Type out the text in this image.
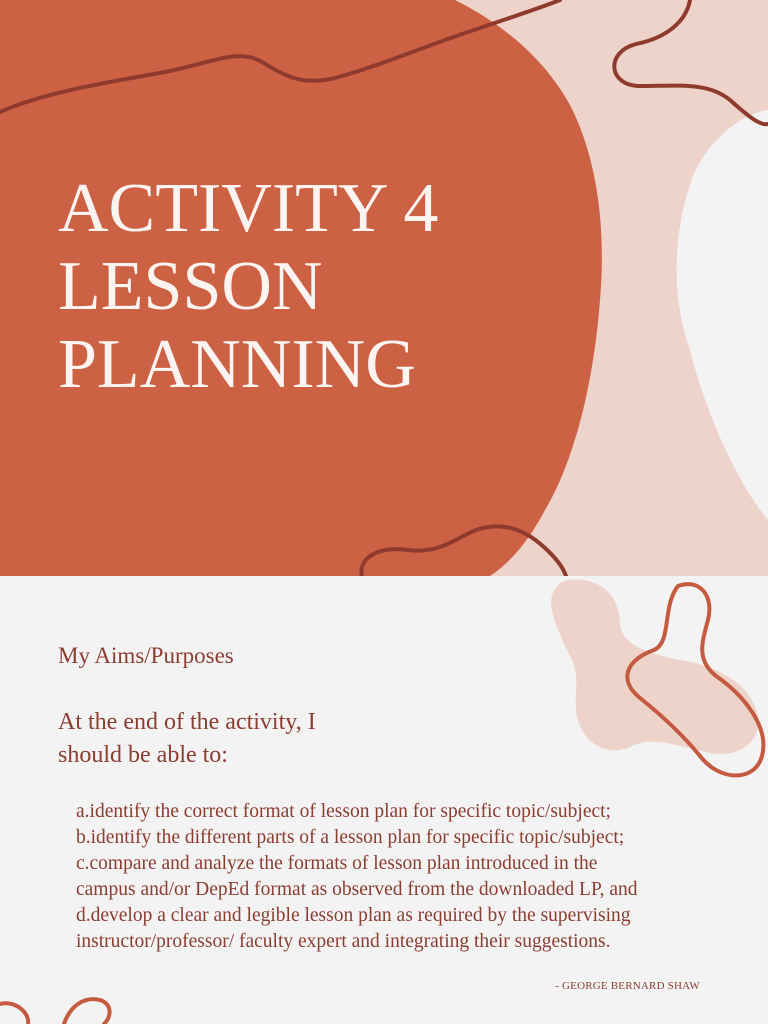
ACTIVITY 4
LESSON
PLANNING
My Aims/Purposes

At the end of the activity, I
should be able to:

a.identify the correct format of lesson plan for specific topic/subject;
b.identify the different parts of a lesson plan for specific topic/subject;
c.compare and analyze the formats of lesson plan introduced in the
campus and/or DepEd format as observed from the downloaded LP, and
d.develop a clear and legible lesson plan as required by the supervising
instructor/professor/ faculty expert and integrating their suggestions.
- GEORGE BERNARD SHAW
